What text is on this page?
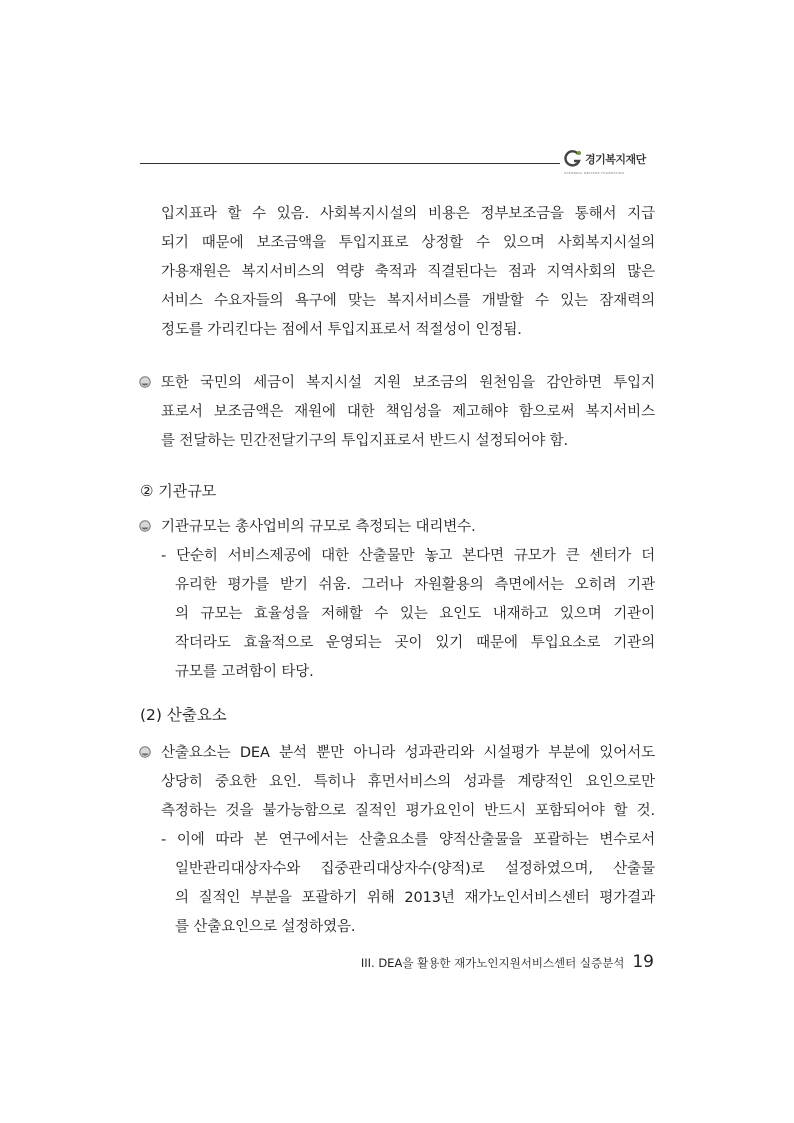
경기복지재단
GYEONGGI WELFARE FOUNDATION
입지표라 할 수 있음. 사회복지시설의 비용은 정부보조금을 통해서 지급
되기 때문에 보조금액을 투입지표로 상정할 수 있으며 사회복지시설의
가용재원은 복지서비스의 역량 축적과 직결된다는 점과 지역사회의 많은
서비스 수요자들의 욕구에 맞는 복지서비스를 개발할 수 있는 잠재력의
정도를 가리킨다는 점에서 투입지표로서 적절성이 인정됨.
또한 국민의 세금이 복지시설 지원 보조금의 원천임을 감안하면 투입지
표로서 보조금액은 재원에 대한 책임성을 제고해야 함으로써 복지서비스
를 전달하는 민간전달기구의 투입지표로서 반드시 설정되어야 함.
② 기관규모
기관규모는 총사업비의 규모로 측정되는 대리변수.
- 단순히 서비스제공에 대한 산출물만 놓고 본다면 규모가 큰 센터가 더
유리한 평가를 받기 쉬움. 그러나 자원활용의 측면에서는 오히려 기관
의 규모는 효율성을 저해할 수 있는 요인도 내재하고 있으며 기관이
작더라도 효율적으로 운영되는 곳이 있기 때문에 투입요소로 기관의
규모를 고려함이 타당.
(2) 산출요소
산출요소는 DEA 분석 뿐만 아니라 성과관리와 시설평가 부분에 있어서도
상당히 중요한 요인. 특히나 휴먼서비스의 성과를 계량적인 요인으로만
측정하는 것을 불가능함으로 질적인 평가요인이 반드시 포함되어야 할 것.
- 이에 따라 본 연구에서는 산출요소를 양적산출물을 포괄하는 변수로서
일반관리대상자수와 집중관리대상자수(양적)로 설정하였으며, 산출물
의 질적인 부분을 포괄하기 위해 2013년 재가노인서비스센터 평가결과
를 산출요인으로 설정하였음.
III. DEA을 활용한 재가노인지원서비스센터 실증분석 19
